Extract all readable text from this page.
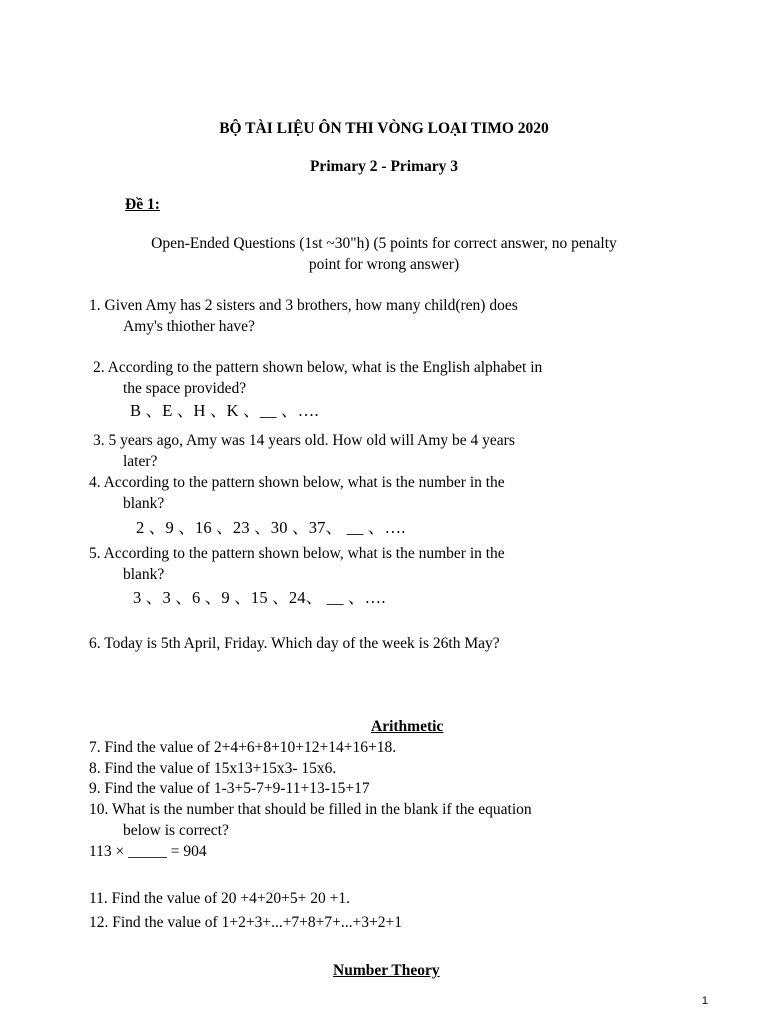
BỘ TÀI LIỆU ÔN THI VÒNG LOẠI TIMO 2020
Primary 2 - Primary 3
Đề 1:
Open-Ended Questions (1st ~30"h) (5 points for correct answer, no penalty
point for wrong answer)
1. Given Amy has 2 sisters and 3 brothers, how many child(ren) does
Amy's thiother have?
2. According to the pattern shown below, what is the English alphabet in
the space provided?
B 、E 、H 、K 、__ 、….
3. 5 years ago, Amy was 14 years old. How old will Amy be 4 years
later?
4. According to the pattern shown below, what is the number in the
blank?
2 、9 、16 、23 、30 、37、 __ 、….
5. According to the pattern shown below, what is the number in the
blank?
3 、3 、6 、9 、15 、24、 __ 、….
6. Today is 5th April, Friday. Which day of the week is 26th May?
Arithmetic
7. Find the value of 2+4+6+8+10+12+14+16+18.
8. Find the value of 15x13+15x3- 15x6.
9. Find the value of 1-3+5-7+9-11+13-15+17
10. What is the number that should be filled in the blank if the equation
below is correct?
113 × _____ = 904
11. Find the value of 20 +4+20+5+ 20 +1.
12. Find the value of 1+2+3+...+7+8+7+...+3+2+1
Number Theory
1
